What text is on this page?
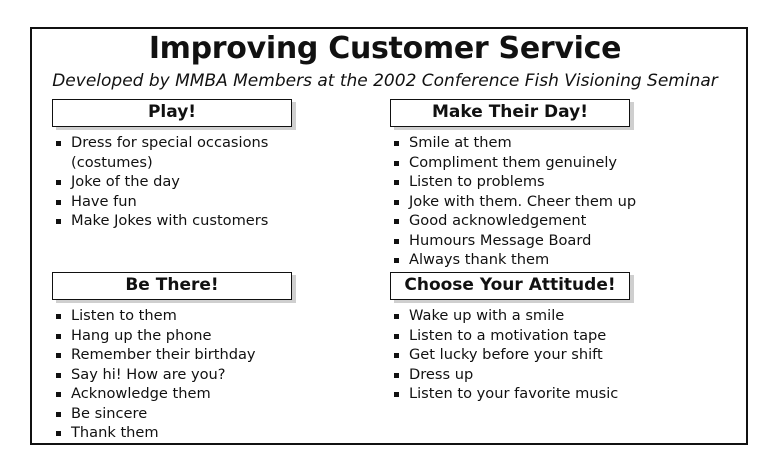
Improving Customer Service
Developed by MMBA Members at the 2002 Conference Fish Visioning Seminar
Play!
Dress for special occasions
(costumes)
Joke of the day
Have fun
Make Jokes with customers
Make Their Day!
Smile at them
Compliment them genuinely
Listen to problems
Joke with them. Cheer them up
Good acknowledgement
Humours Message Board
Always thank them
Be There!
Listen to them
Hang up the phone
Remember their birthday
Say hi! How are you?
Acknowledge them
Be sincere
Thank them
Choose Your Attitude!
Wake up with a smile
Listen to a motivation tape
Get lucky before your shift
Dress up
Listen to your favorite music
